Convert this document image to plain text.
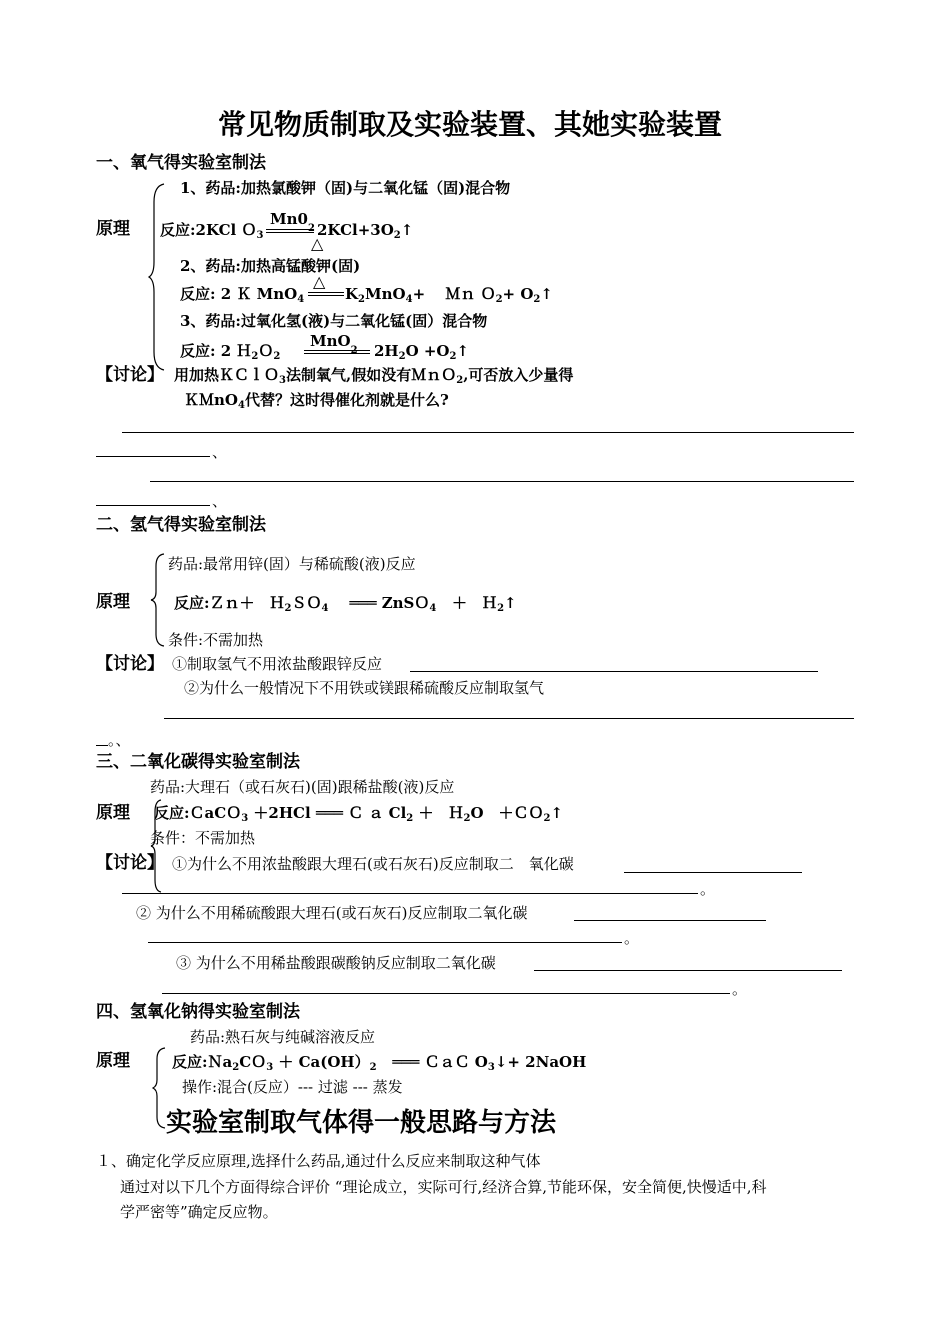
常见物质制取及实验装置、其她实验装置
一、氧气得实验室制法
原理
1、药品:加热氯酸钾（固)与二氧化锰（固)混合物
反应:2KCl Ｏ$_3$
$Mn0_2$ $2KCl+3O_2↑$
△
2、药品:加热高锰酸钾(固)
△
反应: 2 Ｋ MnO$_4$	$K_2MnO_4+$ 　Ｍｎ Ｏ$_2$+ $O_2↑$
3、药品:过氧化氢(液)与二氧化锰(固）混合物
MnO$_2$
反应: 2 Ｈ$_2$Ｏ$_2$	$2H_2O$ $+O_2↑$
【讨论】 用加热ＫＣｌＯ$_3$法制氧气,假如没有ＭｎＯ$_2$,可否放入少量得
ＫＭnO$_4$代替？这时得催化剂就是什么?
、
、
二、氢气得实验室制法
原理
药品:最常用锌(固）与稀硫酸(液)反应
反应:Ｚｎ＋　Ｈ$_2$ＳＯ$_4$ ═══ ZnSＯ$_4$ ＋　Ｈ$_2$↑
条件:不需加热
【讨论】 ①制取氢气不用浓盐酸跟锌反应
②为什么一般情况下不用铁或镁跟稀硫酸反应制取氢气
。、
三、二氧化碳得实验室制法
药品:大理石（或石灰石)(固)跟稀盐酸(液)反应
原理 反应:ＣaCＯ$_3$ ＋2HCl ═══ Ｃ ａ $Cl_2$ ＋　Ｈ$_2$O　＋ＣＯ$_2$↑
条件：不需加热
【讨论】 ①为什么不用浓盐酸跟大理石(或石灰石)反应制取二　氧化碳
。
② 为什么不用稀硫酸跟大理石(或石灰石)反应制取二氧化碳
。
③ 为什么不用稀盐酸跟碳酸钠反应制取二氧化碳
。
四、氢氧化钠得实验室制法
药品:熟石灰与纯碱溶液反应
原理	反应:Ｎa$_2$CＯ$_3$ ＋ $Ca(OH)_2$ ═══ ＣａＣ $O_3↓+$ 2NaOH
操作:混合(反应）--- 过滤 --- 蒸发
实验室制取气体得一般思路与方法
１、确定化学反应原理,选择什么药品,通过什么反应来制取这种气体
通过对以下几个方面得综合评价 “理论成立，实际可行,经济合算,节能环保，安全简便,快慢适中,科
学严密等”确定反应物。
